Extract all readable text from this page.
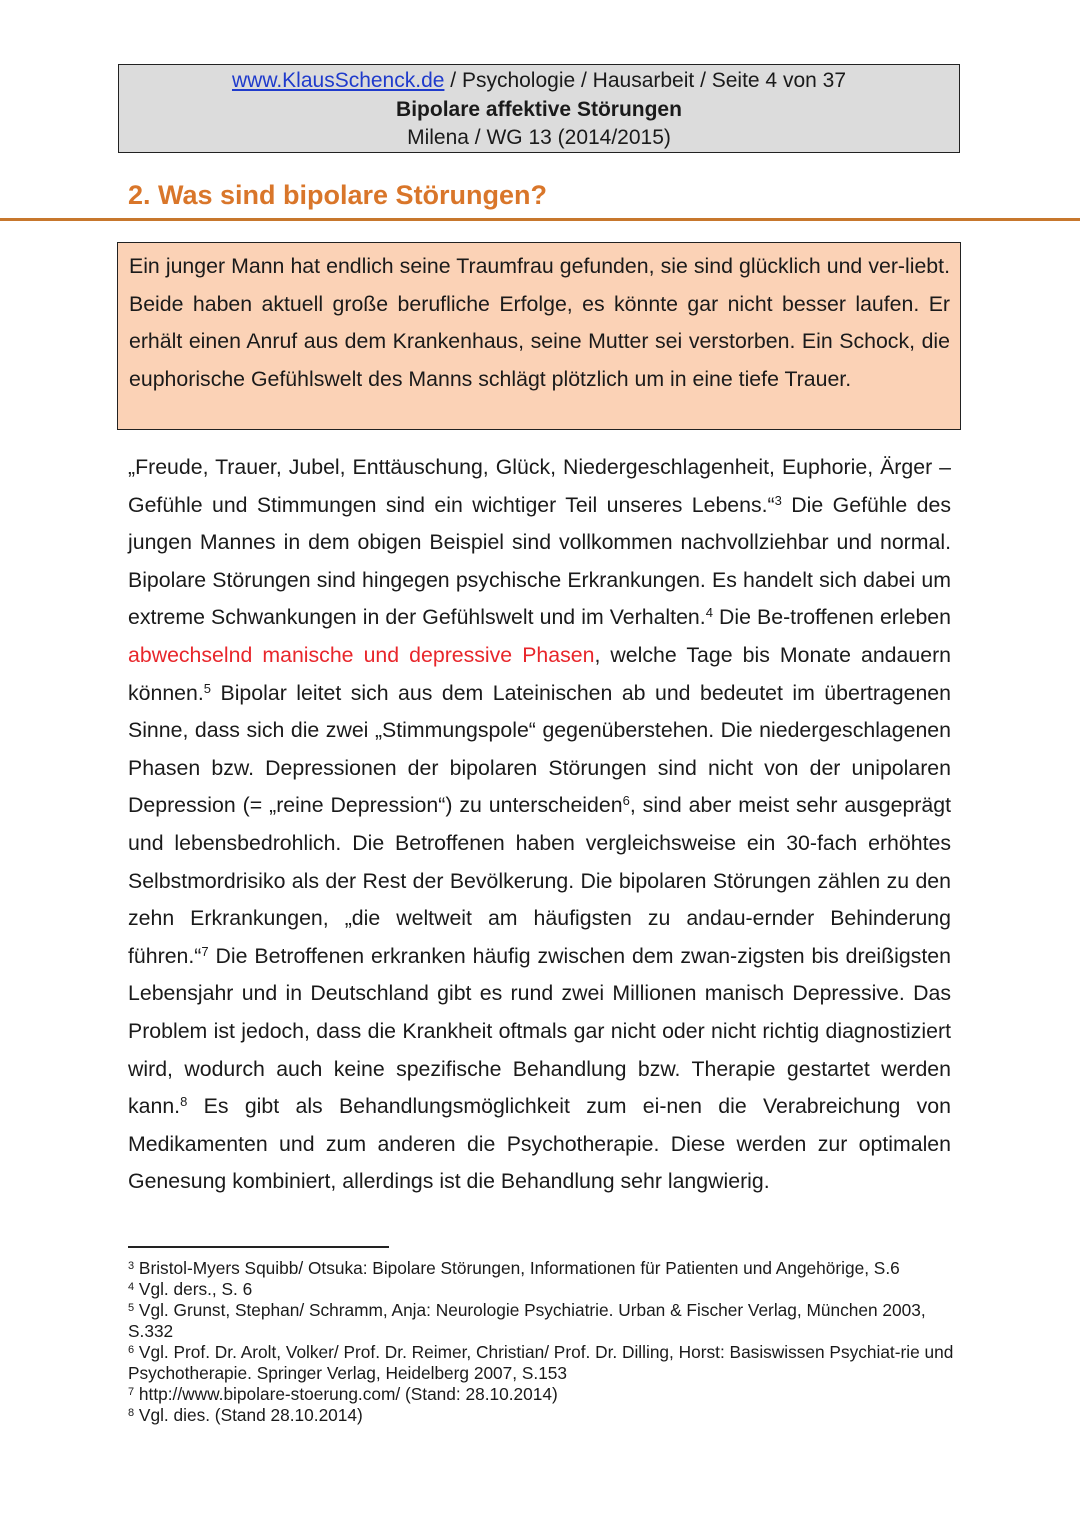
www.KlausSchenck.de / Psychologie / Hausarbeit / Seite 4 von 37
Bipolare affektive Störungen
Milena / WG 13 (2014/2015)
2. Was sind bipolare Störungen?
Ein junger Mann hat endlich seine Traumfrau gefunden, sie sind glücklich und ver-liebt. Beide haben aktuell große berufliche Erfolge, es könnte gar nicht besser laufen. Er erhält einen Anruf aus dem Krankenhaus, seine Mutter sei verstorben. Ein Schock, die euphorische Gefühlswelt des Manns schlägt plötzlich um in eine tiefe Trauer.

„Freude, Trauer, Jubel, Enttäuschung, Glück, Niedergeschlagenheit, Euphorie, Ärger – Gefühle und Stimmungen sind ein wichtiger Teil unseres Lebens.“$^3$ Die Gefühle des jungen Mannes in dem obigen Beispiel sind vollkommen nachvollziehbar und normal. Bipolare Störungen sind hingegen psychische Erkrankungen. Es handelt sich dabei um extreme Schwankungen in der Gefühlswelt und im Verhalten.$^4$ Die Be-troffenen erleben abwechselnd manische und depressive Phasen, welche Tage bis Monate andauern können.$^5$ Bipolar leitet sich aus dem Lateinischen ab und bedeutet im übertragenen Sinne, dass sich die zwei „Stimmungspole“ gegenüberstehen. Die niedergeschlagenen Phasen bzw. Depressionen der bipolaren Störungen sind nicht von der unipolaren Depression (= „reine Depression“) zu unterscheiden$^6$, sind aber meist sehr ausgeprägt und lebensbedrohlich. Die Betroffenen haben vergleichsweise ein 30-fach erhöhtes Selbstmordrisiko als der Rest der Bevölkerung. Die bipolaren Störungen zählen zu den zehn Erkrankungen, „die weltweit am häufigsten zu andau-ernder Behinderung führen.“$^7$ Die Betroffenen erkranken häufig zwischen dem zwan-zigsten bis dreißigsten Lebensjahr und in Deutschland gibt es rund zwei Millionen manisch Depressive. Das Problem ist jedoch, dass die Krankheit oftmals gar nicht oder nicht richtig diagnostiziert wird, wodurch auch keine spezifische Behandlung bzw. Therapie gestartet werden kann.$^8$ Es gibt als Behandlungsmöglichkeit zum ei-nen die Verabreichung von Medikamenten und zum anderen die Psychotherapie. Diese werden zur optimalen Genesung kombiniert, allerdings ist die Behandlung sehr langwierig.

$^3$ Bristol-Myers Squibb/ Otsuka: Bipolare Störungen, Informationen für Patienten und Angehörige, S.6
$^4$ Vgl. ders., S. 6
$^5$ Vgl. Grunst, Stephan/ Schramm, Anja: Neurologie Psychiatrie. Urban & Fischer Verlag, München 2003, S.332
$^6$ Vgl. Prof. Dr. Arolt, Volker/ Prof. Dr. Reimer, Christian/ Prof. Dr. Dilling, Horst: Basiswissen Psychiat-rie und Psychotherapie. Springer Verlag, Heidelberg 2007, S.153
$^7$ http://www.bipolare-stoerung.com/ (Stand: 28.10.2014)
$^8$ Vgl. dies. (Stand 28.10.2014)
